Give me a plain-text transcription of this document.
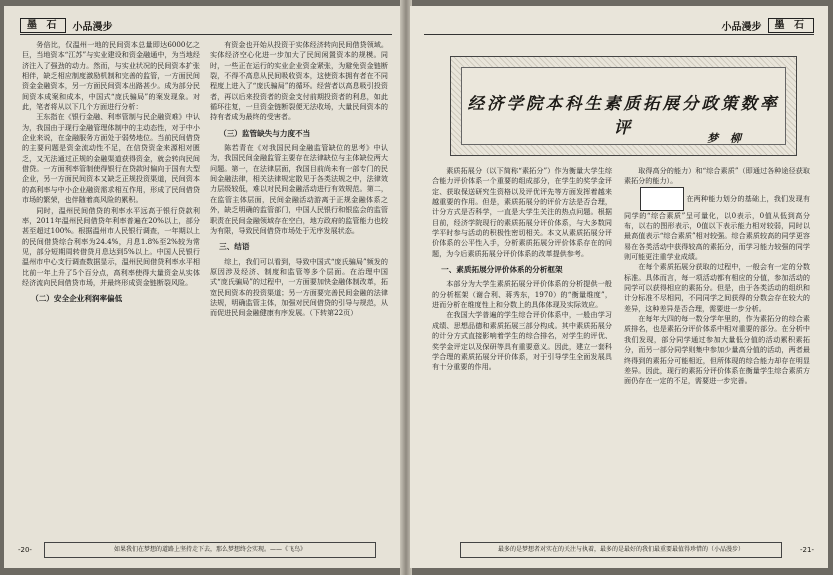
墨 石	小品漫步

务倍比，仅温州一地的民间资本总量即达6000亿之巨，当地资本“江苏”与实业建设和资金融通中，为当地经济注入了强劲的动力。然而，与实业状况的民间资本扩张相伴，缺乏相应制度激励机制和完善的监管，一方面民间资金金融资本，另一方面民间资本出路甚少。成为部分民间资本成案和成本，中国式“庞氏骗局”的案发现象。对此，笔者将从以下几个方面进行分析：

王东指在《银行金融、利率管制与民企融资难》中认为，我国由于现行金融管理体制中的主动态性，对于中小企业来说，在金融服务方面处于弱势地位。当前民间借贷的主要问题是资金流动性不足，在信贷资金来源相对匮乏，又无法通过正规的金融渠道获得资金，就会转向民间借贷。一方面利率管制使得银行在贷款时偏向于国有大型企业，另一方面民间资本又缺乏正规投资渠道，民间资本的高利率与中小企业融资需求相互作用，形成了民间借贷市场的繁荣，也伴随着高风险的累积。

同时，温州民间借贷的利率水平远高于银行贷款利率，2011年温州民间借贷年利率普遍在20%以上，部分甚至超过100%。根据温州市人民银行调查，一年期以上的民间借贷综合利率为24.4%，月息1.8%至2%较为常见，部分短期周转借贷月息达到5%以上。中国人民银行温州市中心支行调查数据显示，温州民间借贷利率水平相比前一年上升了5个百分点，高利率使得大量资金从实体经济流向民间借贷市场，并最终形成资金链断裂风险。

（二）安全企业利润率偏低

有资金也开始从投资于实体经济转向民间借贷领域。实体经济空心化进一步加大了民间闲置资本的规模。同时，一些正在运行的实业企业资金紧张，为避免资金链断裂，不得不高息从民间吸收资本，这使资本拥有者在不同程度上进入了“庞氏骗局”的循环。经营者以高息吸引投资者，再以后来投资者的资金支付前期投资者的利息，如此循环往复，一旦资金链断裂便无法收场，大量民间资本的持有者成为最终的受害者。

（三）监管缺失与力度不当

陈若青在《对我国民间金融监管缺位的思考》中认为，我国民间金融监管主要存在法律缺位与主体缺位两大问题。第一，在法律层面，我国目前尚未有一部专门的民间金融法律，相关法律规定散见于各类法规之中，法律效力层级较低，难以对民间金融活动进行有效规范。第二，在监管主体层面，民间金融活动游离于正规金融体系之外，缺乏明确的监管部门，中国人民银行和银监会的监管职责在民间金融领域存在空白，地方政府的监管能力也较为有限，导致民间借贷市场处于无序发展状态。

三、结语

综上，我们可以看到，导致中国式“庞氏骗局”频发的原因涉及经济、制度和监管等多个层面。在治理中国式“庞氏骗局”的过程中，一方面要加快金融体制改革，拓宽民间资本的投资渠道；另一方面要完善民间金融的法律法规，明确监管主体，加强对民间借贷的引导与规范，从而促进民间金融健康有序发展。（下转第22页）

如果我们在梦想的道路上坚持走下去，那么梦想终会实现。——《飞鸟》
-20-
小品漫步	墨 石
经济学院本科生素质拓展分政策数率评
梦 柳

素质拓展分（以下简称“素拓分”）作为衡量大学生综合能力评价体系一个重要的组成部分，在学生的奖学金评定、获取保送研究生资格以及评优评先等方面发挥着越来越重要的作用。但是，素质拓展分的评价方法是否合理，计分方式是否科学，一直是大学生关注的热点问题。根据目前，经济学院现行的素质拓展分评价体系，与大多数同学平时参与活动的积极性密切相关。本文从素质拓展分评价体系的公平性入手，分析素质拓展分评价体系存在的问题，为今后素质拓展分评价体系的改革提供参考。

一、素质拓展分评价体系的分析框架

本部分为大学生素质拓展分评价体系的分析提供一般的分析框架（谢合利、蒋秀东，1970）的“衡量维度”，进而分析在维度性上和分数上的具体体现及实际效应。

在我国大学普遍的学生综合评价体系中，一般由学习成绩、思想品德和素质拓展三部分构成。其中素质拓展分的计分方式直接影响着学生的综合排名，对学生的评优、奖学金评定以及保研等具有重要意义。因此，建立一套科学合理的素质拓展分评价体系，对于引导学生全面发展具有十分重要的作用。

取得高分的能力）和“综合素质”（即通过各种途径获取素拓分的能力）。

在两种能力划分的基础上，我们发现有同学的“综合素质”呈可量化，以0表示，0值从低到高分布，以右的图形表示，0值以下表示能力相对较弱，同时以最高值表示“综合素质”相对较强。综合素质较高的同学更容易在各类活动中获得较高的素拓分，而学习能力较强的同学则可能更注重学业成绩。

在每个素质拓展分获取的过程中，一般会有一定的分数标准。具体而言，每一项活动都有相应的分值，参加活动的同学可以获得相应的素拓分。但是，由于各类活动的组织和计分标准不尽相同，不同同学之间获得的分数会存在较大的差异，这种差异是否合理，需要进一步分析。

在每年大四的每一数分学年里的，作为素拓分的综合素质排名，也是素拓分评价体系中相对重要的部分。在分析中我们发现，部分同学通过参加大量低分值的活动累积素拓分，而另一部分同学则集中参加少量高分值的活动，两者最终得到的素拓分可能相近，但所体现的综合能力却存在明显差异。因此，现行的素拓分评价体系在衡量学生综合素质方面仍存在一定的不足，需要进一步完善。

最多的是梦想者对实在的关注与执着，最多的是最好的我们最重要最值得珍惜的（小品漫步）	-21-
